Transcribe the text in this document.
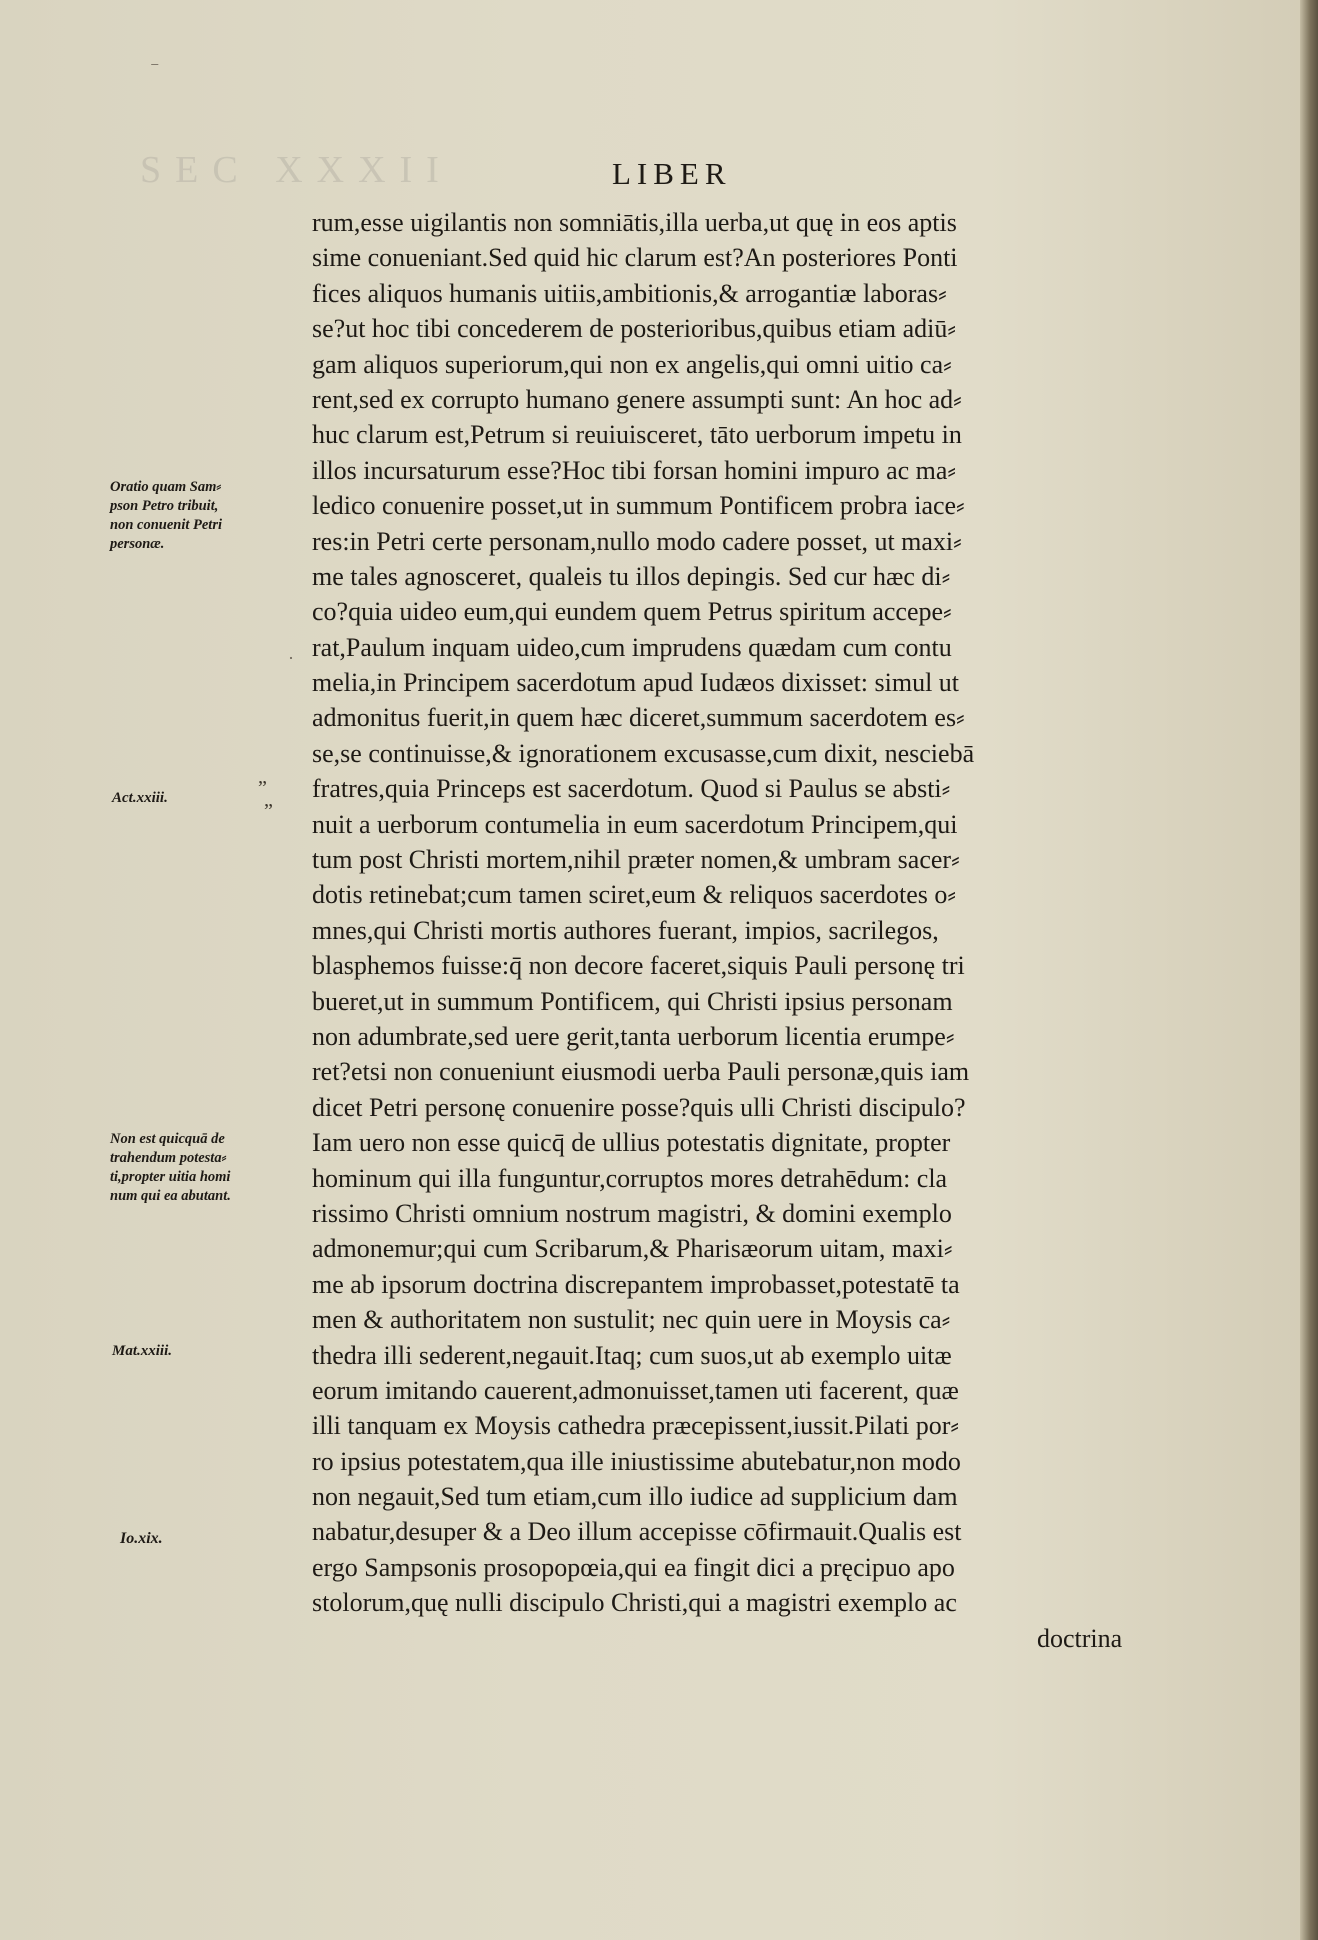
SEC XXXII	LIBER
⁻
·
rum,esse uigilantis non somniātis,illa uerba,ut quę in eos aptis
sime conueniant.Sed quid hic clarum est?An posteriores Ponti
fices aliquos humanis uitiis,ambitionis,& arrogantiæ laboras⸗
se?ut hoc tibi concederem de posterioribus,quibus etiam adiū⸗
gam aliquos superiorum,qui non ex angelis,qui omni uitio ca⸗
rent,sed ex corrupto humano genere assumpti sunt: An hoc ad⸗
huc clarum est,Petrum si reuiuisceret, tāto uerborum impetu in
illos incursaturum esse?Hoc tibi forsan homini impuro ac ma⸗
ledico conuenire posset,ut in summum Pontificem probra iace⸗
res:in Petri certe personam,nullo modo cadere posset, ut maxi⸗
me tales agnosceret, qualeis tu illos depingis. Sed cur hæc di⸗
co?quia uideo eum,qui eundem quem Petrus spiritum accepe⸗
rat,Paulum inquam uideo,cum imprudens quædam cum contu
melia,in Principem sacerdotum apud Iudæos dixisset: simul ut
admonitus fuerit,in quem hæc diceret,summum sacerdotem es⸗
se,se continuisse,& ignorationem excusasse,cum dixit, nesciebā
fratres,quia Princeps est sacerdotum. Quod si Paulus se absti⸗
nuit a uerborum contumelia in eum sacerdotum Principem,qui
tum post Christi mortem,nihil præter nomen,& umbram sacer⸗
dotis retinebat;cum tamen sciret,eum & reliquos sacerdotes o⸗
mnes,qui Christi mortis authores fuerant, impios, sacrilegos,
blasphemos fuisse:q̄ non decore faceret,siquis Pauli personę tri
bueret,ut in summum Pontificem, qui Christi ipsius personam
non adumbrate,sed uere gerit,tanta uerborum licentia erumpe⸗
ret?etsi non conueniunt eiusmodi uerba Pauli personæ,quis iam
dicet Petri personę conuenire posse?quis ulli Christi discipulo?
Iam uero non esse quicq̄ de ullius potestatis dignitate, propter
hominum qui illa funguntur,corruptos mores detrahēdum: cla
rissimo Christi omnium nostrum magistri, & domini exemplo
admonemur;qui cum Scribarum,& Pharisæorum uitam, maxi⸗
me ab ipsorum doctrina discrepantem improbasset,potestatē ta
men & authoritatem non sustulit; nec quin uere in Moysis ca⸗
thedra illi sederent,negauit.Itaq; cum suos,ut ab exemplo uitæ
eorum imitando cauerent,admonuisset,tamen uti facerent, quæ
illi tanquam ex Moysis cathedra præcepissent,iussit.Pilati por⸗
ro ipsius potestatem,qua ille iniustissime abutebatur,non modo
non negauit,Sed tum etiam,cum illo iudice ad supplicium dam
nabatur,desuper & a Deo illum accepisse cōfirmauit.Qualis est
ergo Sampsonis prosopopœia,qui ea fingit dici a pręcipuo apo
stolorum,quę nulli discipulo Christi,qui a magistri exemplo ac
doctrina
Oratio quam Sam⸗
pson Petro tribuit,
non conuenit Petri
personæ.
Act.xxiii.
„
„
Non est quicquā de
trahendum potesta⸗
ti,propter uitia homi
num qui ea abutant.
Mat.xxiii.
Io.xix.
